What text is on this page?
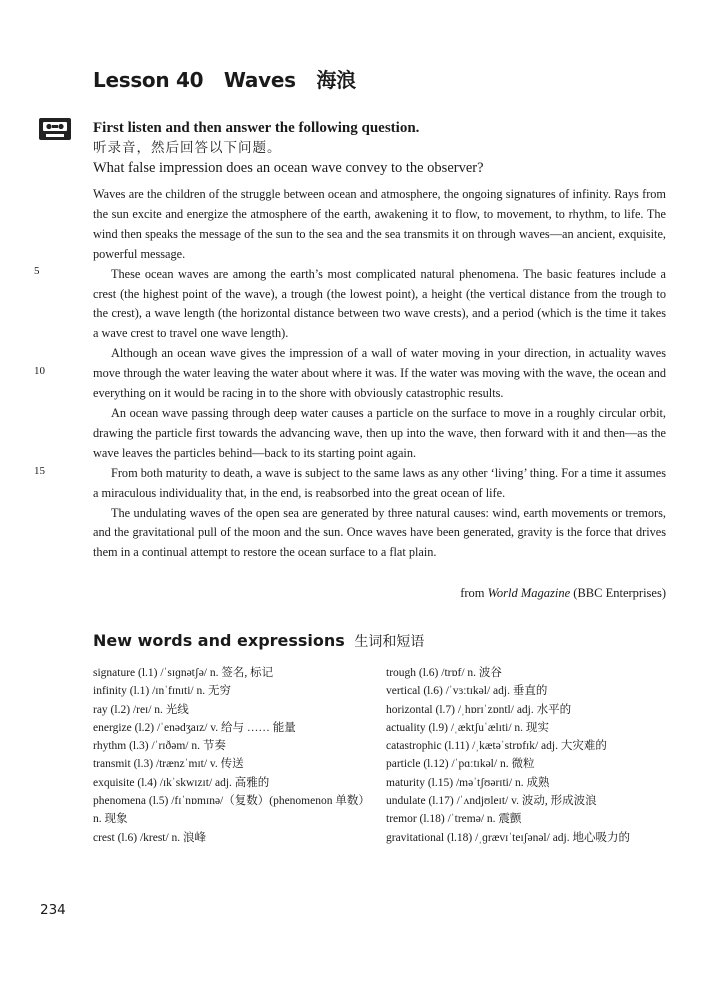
Lesson 40 Waves 海浪
First listen and then answer the following question.
听录音，然后回答以下问题。
What false impression does an ocean wave convey to the observer?

Waves are the children of the struggle between ocean and atmosphere, the ongoing signatures of infinity. Rays from the sun excite and energize the atmosphere of the earth, awakening it to flow, to movement, to rhythm, to life. The wind then speaks the message of the sun to the sea and the sea transmits it on through waves—an ancient, exquisite, powerful message.

These ocean waves are among the earth’s most complicated natural phenomena. The basic features include a crest (the highest point of the wave), a trough (the lowest point), a height (the vertical distance from the trough to the crest), a wave length (the horizontal distance between two wave crests), and a period (which is the time it takes a wave crest to travel one wave length).

Although an ocean wave gives the impression of a wall of water moving in your direction, in actuality waves move through the water leaving the water about where it was. If the water was moving with the wave, the ocean and everything on it would be racing in to the shore with obviously catastrophic results.

An ocean wave passing through deep water causes a particle on the surface to move in a roughly circular orbit, drawing the particle first towards the advancing wave, then up into the wave, then forward with it and then—as the wave leaves the particles behind—back to its starting point again.

From both maturity to death, a wave is subject to the same laws as any other ‘living’ thing. For a time it assumes a miraculous individuality that, in the end, is reabsorbed into the great ocean of life.

The undulating waves of the open sea are generated by three natural causes: wind, earth movements or tremors, and the gravitational pull of the moon and the sun. Once waves have been generated, gravity is the force that drives them in a continual attempt to restore the ocean surface to a flat plain.

5
10
15
from World Magazine (BBC Enterprises)
New words and expressions 生词和短语
signature (l.1) /ˈsɪɡnətʃə/ n. 签名, 标记
infinity (l.1) /ɪnˈfɪnɪti/ n. 无穷
ray (l.2) /reɪ/ n. 光线
energize (l.2) /ˈenədʒaɪz/ v. 给与 …… 能量
rhythm (l.3) /ˈrɪðəm/ n. 节奏
transmit (l.3) /trænzˈmɪt/ v. 传送
exquisite (l.4) /ɪkˈskwɪzɪt/ adj. 高雅的
phenomena (l.5) /fɪˈnɒmɪnə/（复数）(phenomenon 单数）n. 现象
crest (l.6) /krest/ n. 浪峰
trough (l.6) /trɒf/ n. 波谷
vertical (l.6) /ˈvɜːtɪkəl/ adj. 垂直的
horizontal (l.7) /ˌhɒrɪˈzɒntl/ adj. 水平的
actuality (l.9) /ˌæktʃuˈælɪti/ n. 现实
catastrophic (l.11) /ˌkætəˈstrɒfɪk/ adj. 大灾难的
particle (l.12) /ˈpɑːtɪkəl/ n. 微粒
maturity (l.15) /məˈtʃʊərɪti/ n. 成熟
undulate (l.17) /ˈʌndjʊleɪt/ v. 波动, 形成波浪
tremor (l.18) /ˈtremə/ n. 震颤
gravitational (l.18) /ˌɡrævɪˈteɪʃənəl/ adj. 地心吸力的
234
